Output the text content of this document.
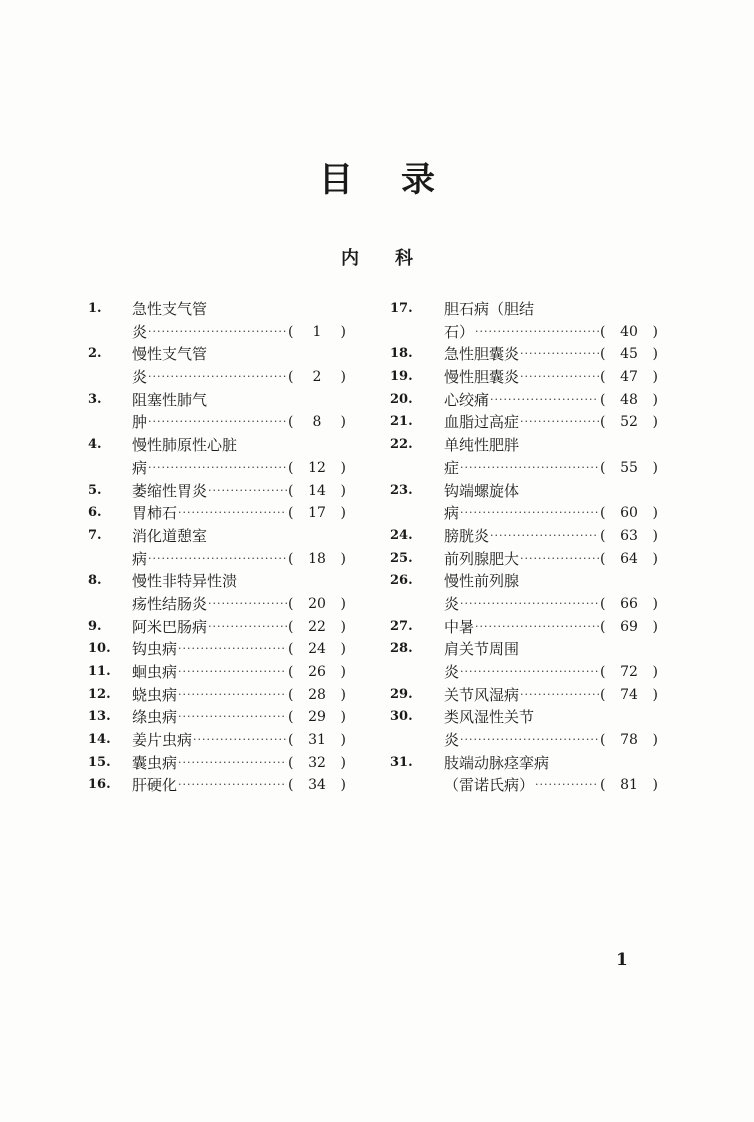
目录
内科
1.	急性支气管
炎 ·····	(	1	)
2.	慢性支气管
炎 ·····	(	2	)
3.	阻塞性肺气
肿 ·····	(	8	)
4.	慢性肺原性心脏
病 ·····	(	12	)
5.	萎缩性胃炎 ·····	(	14	)
6.	胃柿石 ·····	(	17	)
7.	消化道憩室
病 ·····	(	18	)
8.	慢性非特异性溃
疡性结肠炎 ·····	(	20	)
9.	阿米巴肠病 ·····	(	22	)
10.	钩虫病 ·····	(	24	)
11.	蛔虫病 ·····	(	26	)
12.	蛲虫病 ·····	(	28	)
13.	绦虫病 ·····	(	29	)
14.	姜片虫病 ·····	(	31	)
15.	囊虫病 ·····	(	32	)
16.	肝硬化 ·····	(	34	)
17.	胆石病（胆结
石） ·····	(	40	)
18.	急性胆囊炎 ·····	(	45	)
19.	慢性胆囊炎 ·····	(	47	)
20.	心绞痛 ·····	(	48	)
21.	血脂过高症 ·····	(	52	)
22.	单纯性肥胖
症 ·····	(	55	)
23.	钩端螺旋体
病 ·····	(	60	)
24.	膀胱炎 ·····	(	63	)
25.	前列腺肥大 ·····	(	64	)
26.	慢性前列腺
炎 ·····	(	66	)
27.	中暑 ·····	(	69	)
28.	肩关节周围
炎 ·····	(	72	)
29.	关节风湿病 ·····	(	74	)
30.	类风湿性关节
炎 ·····	(	78	)
31.	肢端动脉痉挛病
（雷诺氏病） ·····	(	81	)
1
